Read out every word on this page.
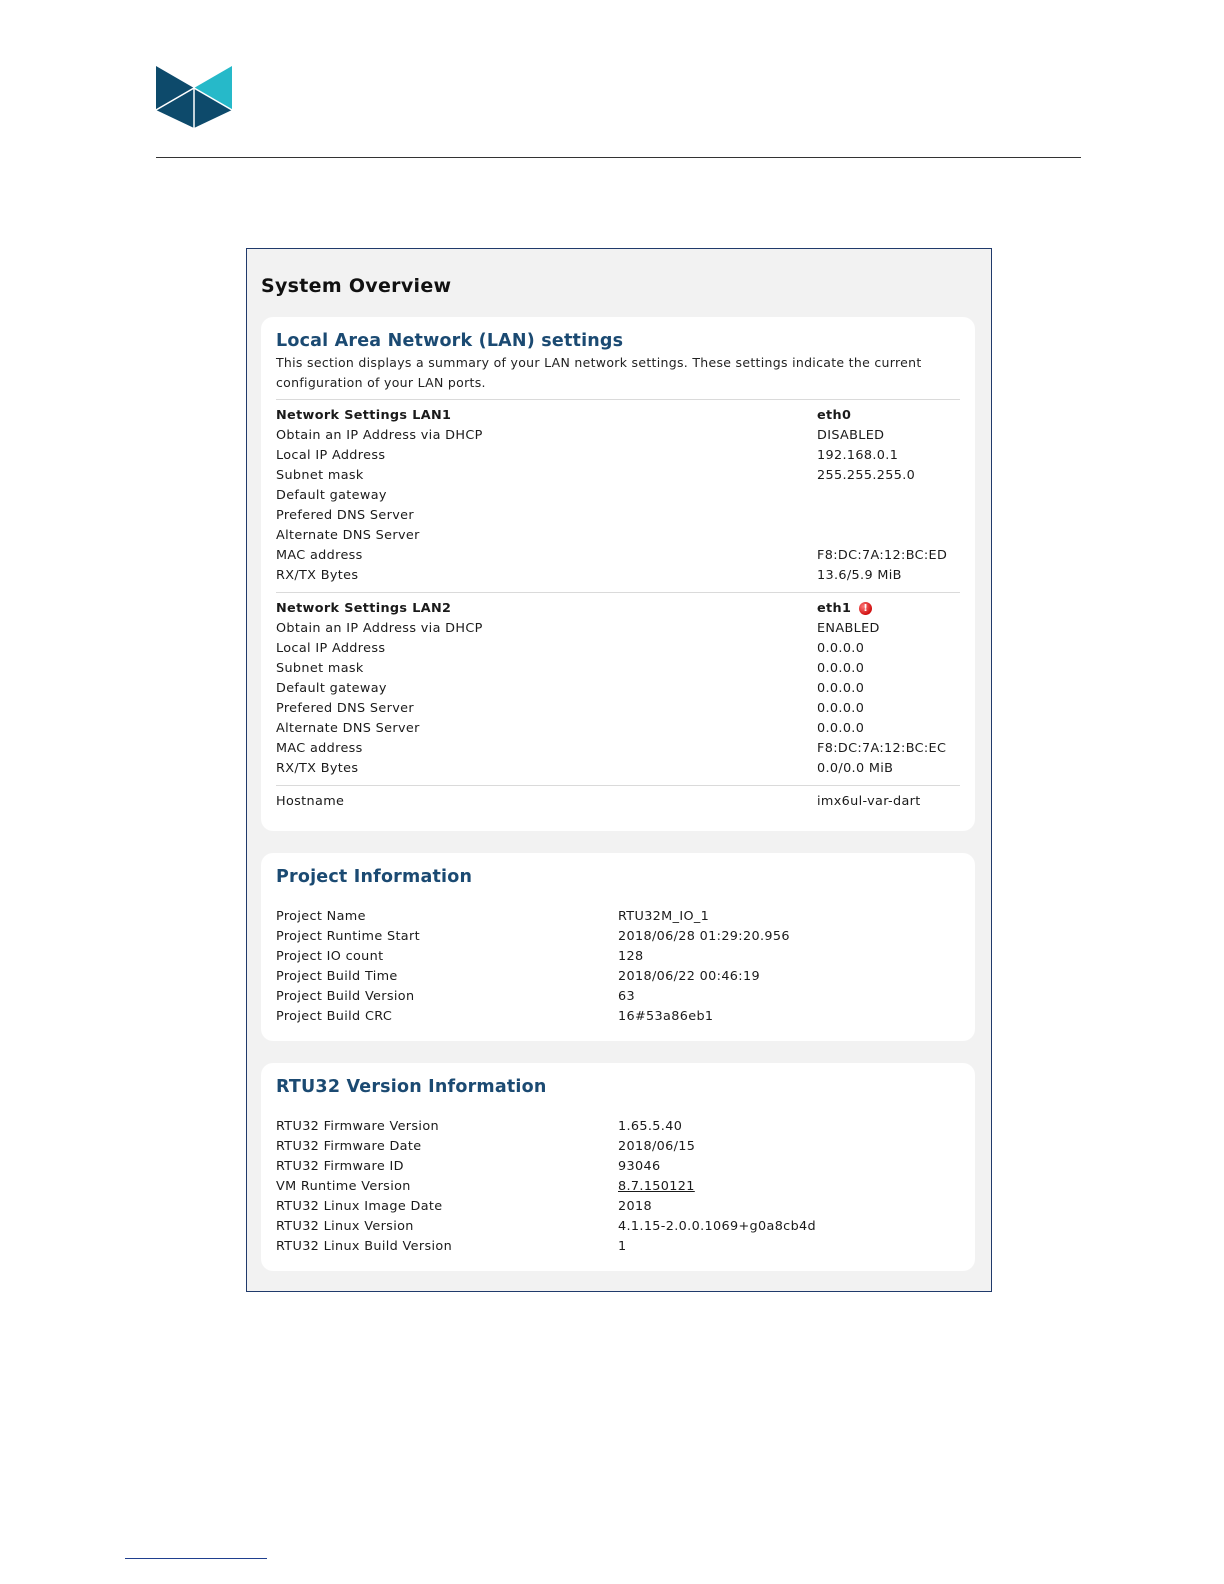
System Overview
Local Area Network (LAN) settings
This section displays a summary of your LAN network settings. These settings indicate the current configuration of your LAN ports.
Network Settings LAN1	eth0
Obtain an IP Address via DHCP	DISABLED
Local IP Address	192.168.0.1
Subnet mask	255.255.255.0
Default gateway
Prefered DNS Server
Alternate DNS Server
MAC address	F8:DC:7A:12:BC:ED
RX/TX Bytes	13.6/5.9 MiB
Network Settings LAN2	eth1 !
Obtain an IP Address via DHCP	ENABLED
Local IP Address	0.0.0.0
Subnet mask	0.0.0.0
Default gateway	0.0.0.0
Prefered DNS Server	0.0.0.0
Alternate DNS Server	0.0.0.0
MAC address	F8:DC:7A:12:BC:EC
RX/TX Bytes	0.0/0.0 MiB
Hostname	imx6ul-var-dart
Project Information
Project Name	RTU32M_IO_1
Project Runtime Start	2018/06/28 01:29:20.956
Project IO count	128
Project Build Time	2018/06/22 00:46:19
Project Build Version	63
Project Build CRC	16#53a86eb1
RTU32 Version Information
RTU32 Firmware Version	1.65.5.40
RTU32 Firmware Date	2018/06/15
RTU32 Firmware ID	93046
VM Runtime Version	8.7.150121
RTU32 Linux Image Date	2018
RTU32 Linux Version	4.1.15-2.0.0.1069+g0a8cb4d
RTU32 Linux Build Version	1
